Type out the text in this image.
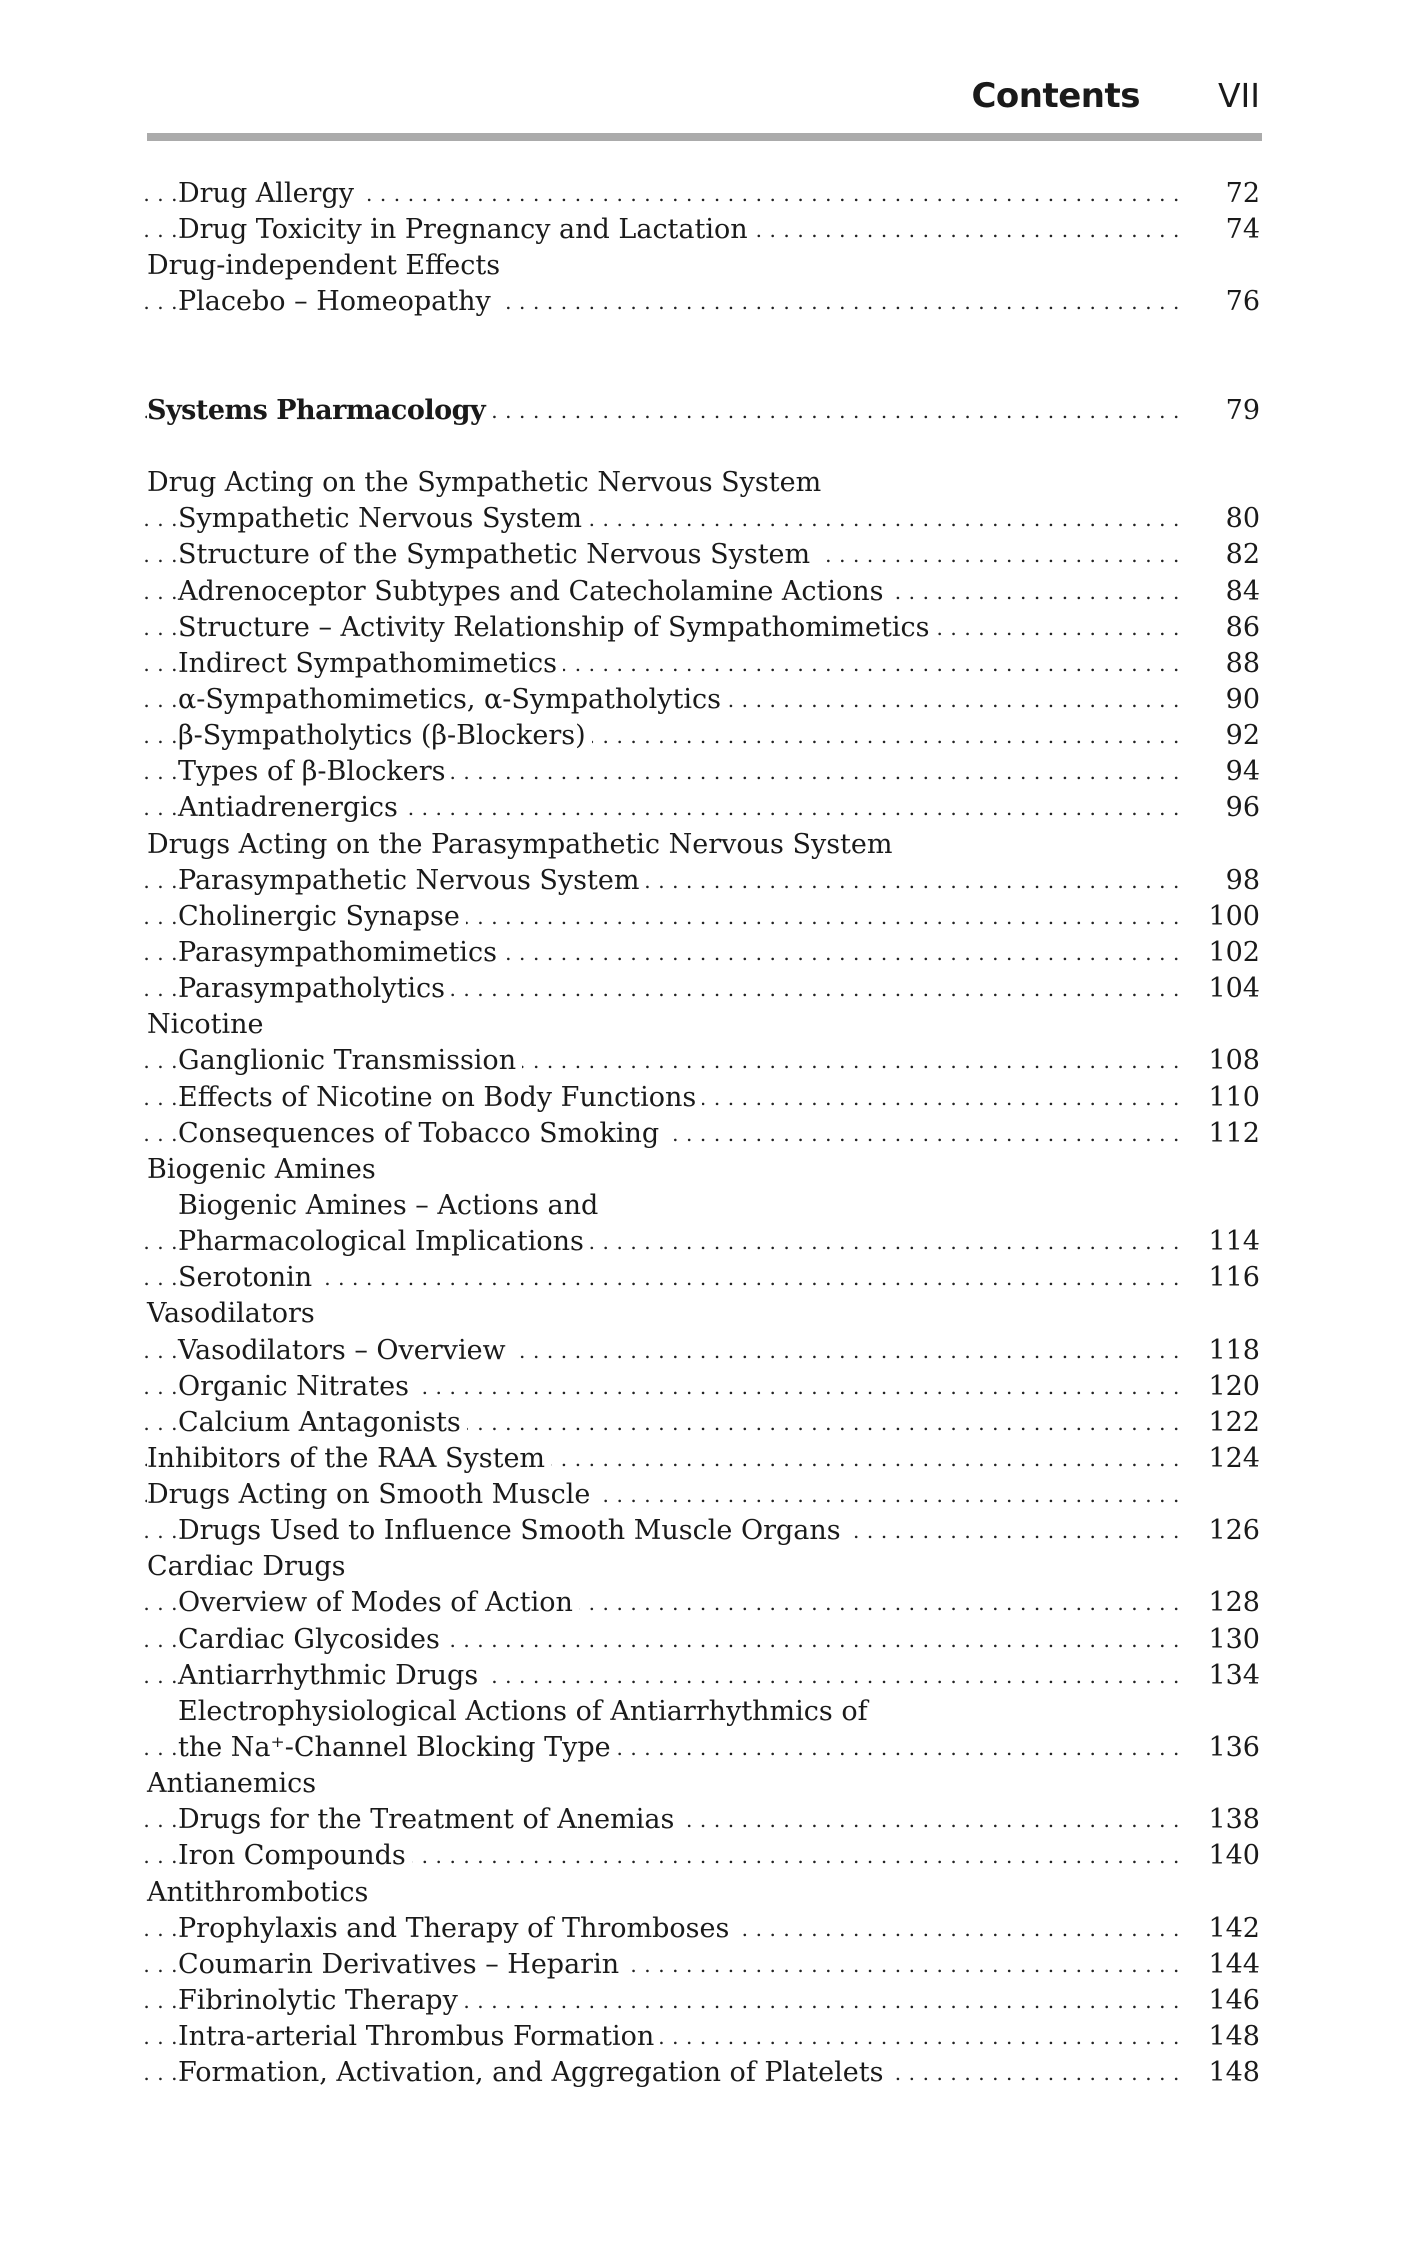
Contents VII
Drug Allergy	72
. . .
Drug Toxicity in Pregnancy and Lactation	74
. . .
Drug-independent Effects
Placebo – Homeopathy	76
. . .
Systems Pharmacology	79
. . .
Drug Acting on the Sympathetic Nervous System
Sympathetic Nervous System	80
. . .
Structure of the Sympathetic Nervous System	82
. . .
Adrenoceptor Subtypes and Catecholamine Actions	84
. . .
Structure – Activity Relationship of Sympathomimetics	86
. . .
Indirect Sympathomimetics	88
. . .
α-Sympathomimetics, α-Sympatholytics	90
. . .
β-Sympatholytics (β-Blockers)	92
. . .
Types of β-Blockers	94
. . .
Antiadrenergics	96
. . .
Drugs Acting on the Parasympathetic Nervous System
Parasympathetic Nervous System	98
. . .
Cholinergic Synapse	100
. . .
Parasympathomimetics	102
. . .
Parasympatholytics	104
. . .
Nicotine
Ganglionic Transmission	108
. . .
Effects of Nicotine on Body Functions	110
. . .
Consequences of Tobacco Smoking	112
. . .
Biogenic Amines
Biogenic Amines – Actions and
Pharmacological Implications	114
. . .
Serotonin	116
. . .
Vasodilators
Vasodilators – Overview	118
. . .
Organic Nitrates	120
. . .
Calcium Antagonists	122
. . .
Inhibitors of the RAA System	124
. . .
Drugs Acting on Smooth Muscle . . .
Drugs Used to Influence Smooth Muscle Organs	126
. . .
Cardiac Drugs
Overview of Modes of Action	128
. . .
Cardiac Glycosides	130
. . .
Antiarrhythmic Drugs	134
. . .
Electrophysiological Actions of Antiarrhythmics of
the Na⁺-Channel Blocking Type	136
. . .
Antianemics
Drugs for the Treatment of Anemias	138
. . .
Iron Compounds	140
. . .
Antithrombotics
Prophylaxis and Therapy of Thromboses	142
. . .
Coumarin Derivatives – Heparin	144
. . .
Fibrinolytic Therapy	146
. . .
Intra-arterial Thrombus Formation	148
. . .
Formation, Activation, and Aggregation of Platelets	148
. . .
